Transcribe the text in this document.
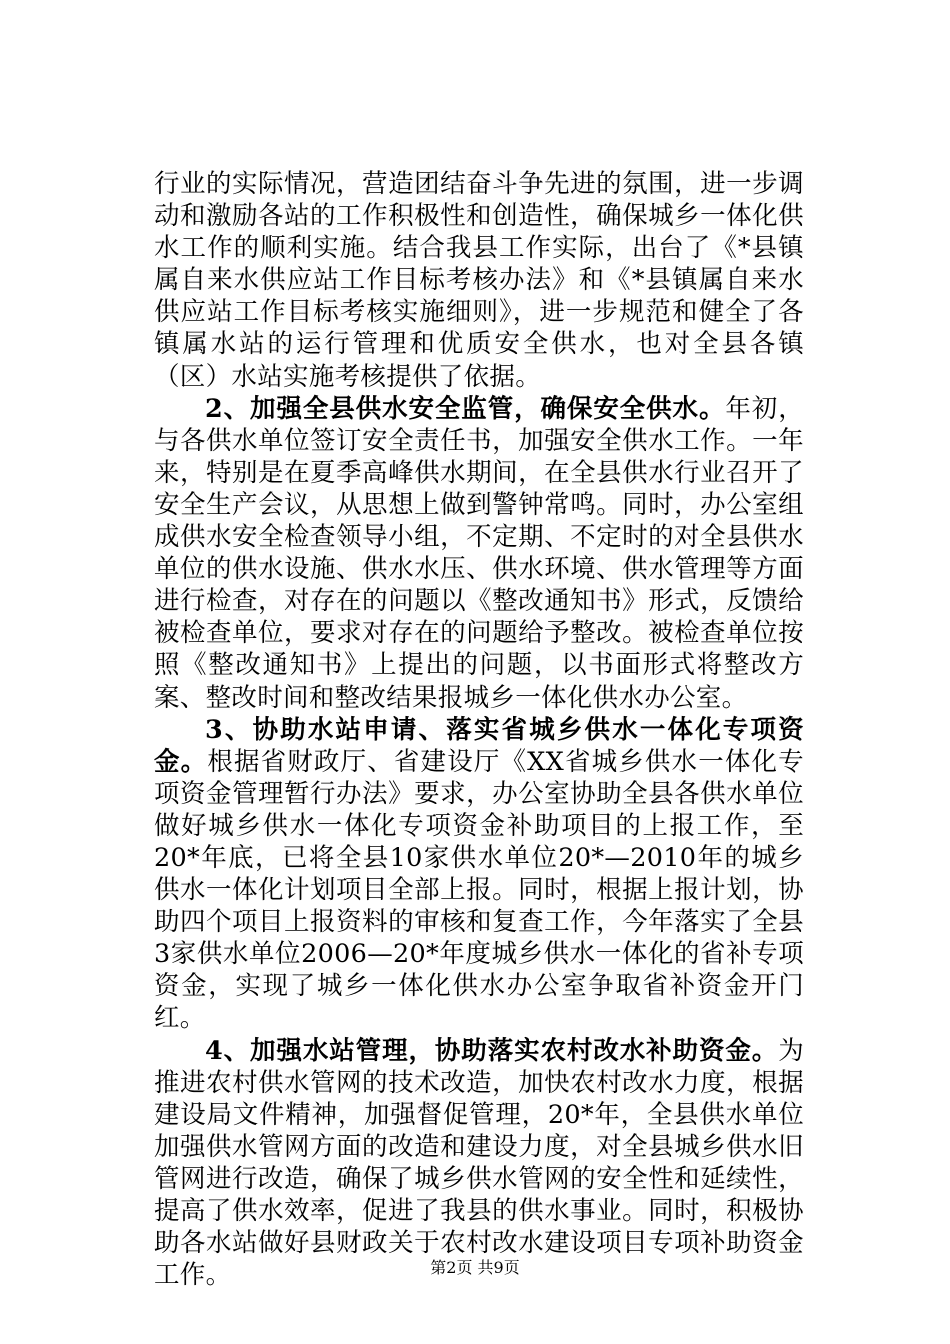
行业的实际情况，营造团结奋斗争先进的氛围，进一步调动和激励各站的工作积极性和创造性，确保城乡一体化供水工作的顺利实施。结合我县工作实际，出台了《*县镇属自来水供应站工作目标考核办法》和《*县镇属自来水供应站工作目标考核实施细则》，进一步规范和健全了各镇属水站的运行管理和优质安全供水，也对全县各镇（区）水站实施考核提供了依据。

2、加强全县供水安全监管，确保安全供水。年初，与各供水单位签订安全责任书，加强安全供水工作。一年来，特别是在夏季高峰供水期间，在全县供水行业召开了安全生产会议，从思想上做到警钟常鸣。同时，办公室组成供水安全检查领导小组，不定期、不定时的对全县供水单位的供水设施、供水水压、供水环境、供水管理等方面进行检查，对存在的问题以《整改通知书》形式，反馈给被检查单位，要求对存在的问题给予整改。被检查单位按照《整改通知书》上提出的问题，以书面形式将整改方案、整改时间和整改结果报城乡一体化供水办公室。

3、协助水站申请、落实省城乡供水一体化专项资金。根据省财政厅、省建设厅《XX省城乡供水一体化专项资金管理暂行办法》要求，办公室协助全县各供水单位做好城乡供水一体化专项资金补助项目的上报工作，至20*年底，已将全县10家供水单位20*—2010年的城乡供水一体化计划项目全部上报。同时，根据上报计划，协助四个项目上报资料的审核和复查工作，今年落实了全县3家供水单位2006—20*年度城乡供水一体化的省补专项资金，实现了城乡一体化供水办公室争取省补资金开门红。

4、加强水站管理，协助落实农村改水补助资金。为推进农村供水管网的技术改造，加快农村改水力度，根据建设局文件精神，加强督促管理，20*年，全县供水单位加强供水管网方面的改造和建设力度，对全县城乡供水旧管网进行改造，确保了城乡供水管网的安全性和延续性，提高了供水效率，促进了我县的供水事业。同时，积极协助各水站做好县财政关于农村改水建设项目专项补助资金工作。	第2页 共9页
